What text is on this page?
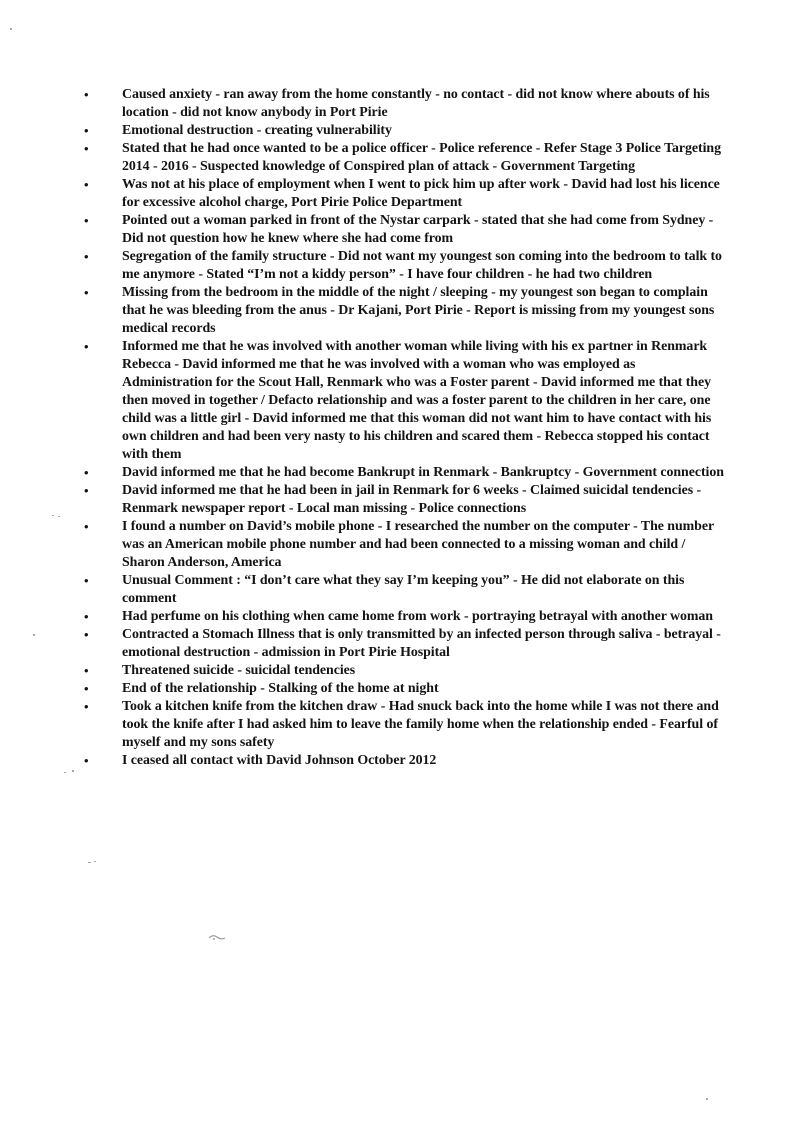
•	Caused anxiety - ran away from the home constantly - no contact - did not know where abouts of his location - did not know anybody in Port Pirie
•	Emotional destruction - creating vulnerability
•	Stated that he had once wanted to be a police officer - Police reference - Refer Stage 3 Police Targeting 2014 - 2016 - Suspected knowledge of Conspired plan of attack - Government Targeting
•	Was not at his place of employment when I went to pick him up after work - David had lost his licence for excessive alcohol charge, Port Pirie Police Department
•	Pointed out a woman parked in front of the Nystar carpark - stated that she had come from Sydney - Did not question how he knew where she had come from
•	Segregation of the family structure - Did not want my youngest son coming into the bedroom to talk to me anymore - Stated “I’m not a kiddy person” - I have four children - he had two children
•	Missing from the bedroom in the middle of the night / sleeping - my youngest son began to complain that he was bleeding from the anus - Dr Kajani, Port Pirie - Report is missing from my youngest sons medical records
•	Informed me that he was involved with another woman while living with his ex partner in Renmark Rebecca - David informed me that he was involved with a woman who was employed as Administration for the Scout Hall, Renmark who was a Foster parent - David informed me that they then moved in together / Defacto relationship and was a foster parent to the children in her care, one child was a little girl - David informed me that this woman did not want him to have contact with his own children and had been very nasty to his children and scared them - Rebecca stopped his contact with them
•	David informed me that he had become Bankrupt in Renmark - Bankruptcy - Government connection
•	David informed me that he had been in jail in Renmark for 6 weeks - Claimed suicidal tendencies - Renmark newspaper report - Local man missing - Police connections
•	I found a number on David’s mobile phone - I researched the number on the computer - The number was an American mobile phone number and had been connected to a missing woman and child / Sharon Anderson, America
•	Unusual Comment : “I don’t care what they say I’m keeping you” - He did not elaborate on this comment
•	Had perfume on his clothing when came home from work - portraying betrayal with another woman
•	Contracted a Stomach Illness that is only transmitted by an infected person through saliva - betrayal - emotional destruction - admission in Port Pirie Hospital
•	Threatened suicide - suicidal tendencies
•	End of the relationship - Stalking of the home at night
•	Took a kitchen knife from the kitchen draw - Had snuck back into the home while I was not there and took the knife after I had asked him to leave the family home when the relationship ended - Fearful of myself and my sons safety
•	I ceased all contact with David Johnson October 2012
